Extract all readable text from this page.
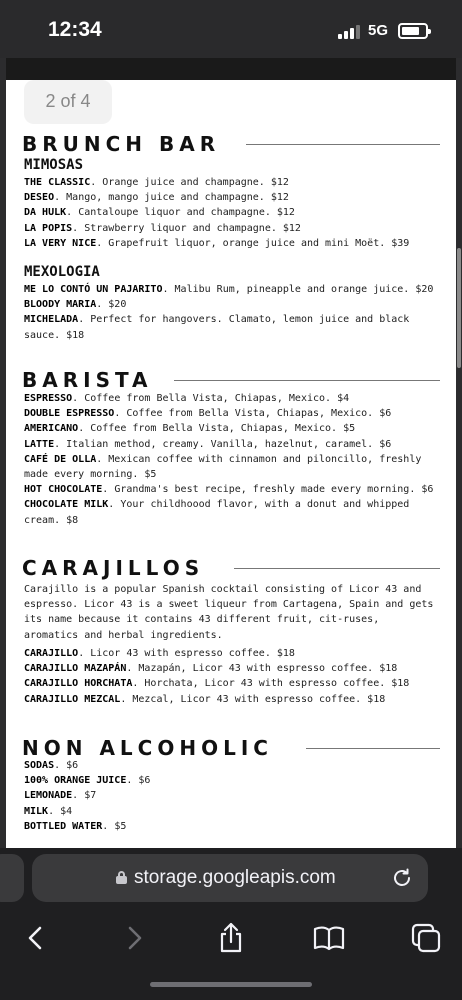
12:34	5G
2 of 4
BRUNCH BAR
MIMOSAS
THE CLASSIC. Orange juice and champagne. $12
DESEO. Mango, mango juice and champagne. $12
DA HULK. Cantaloupe liquor and champagne. $12
LA POPIS. Strawberry liquor and champagne. $12
LA VERY NICE. Grapefruit liquor, orange juice and mini Moët. $39
MEXOLOGIA
ME LO CONTÓ UN PAJARITO. Malibu Rum, pineapple and orange juice. $20
BLOODY MARIA. $20
MICHELADA. Perfect for hangovers. Clamato, lemon juice and black sauce. $18
BARISTA
ESPRESSO. Coffee from Bella Vista, Chiapas, Mexico. $4
DOUBLE ESPRESSO. Coffee from Bella Vista, Chiapas, Mexico. $6
AMERICANO. Coffee from Bella Vista, Chiapas, Mexico. $5
LATTE. Italian method, creamy. Vanilla, hazelnut, caramel. $6
CAFÉ DE OLLA. Mexican coffee with cinnamon and piloncillo, freshly made every morning. $5
HOT CHOCOLATE. Grandma's best recipe, freshly made every morning. $6
CHOCOLATE MILK. Your childhoood flavor, with a donut and whipped cream. $8
CARAJILLOS
Carajillo is a popular Spanish cocktail consisting of Licor 43 and espresso. Licor 43 is a sweet liqueur from Cartagena, Spain and gets its name because it contains 43 different fruit, cit-ruses, aromatics and herbal ingredients.
CARAJILLO. Licor 43 with espresso coffee. $18
CARAJILLO MAZAPÁN. Mazapán, Licor 43 with espresso coffee. $18
CARAJILLO HORCHATA. Horchata, Licor 43 with espresso coffee. $18
CARAJILLO MEZCAL. Mezcal, Licor 43 with espresso coffee. $18
NON ALCOHOLIC
SODAS. $6
100% ORANGE JUICE. $6
LEMONADE. $7
MILK. $4
BOTTLED WATER. $5
storage.googleapis.com
